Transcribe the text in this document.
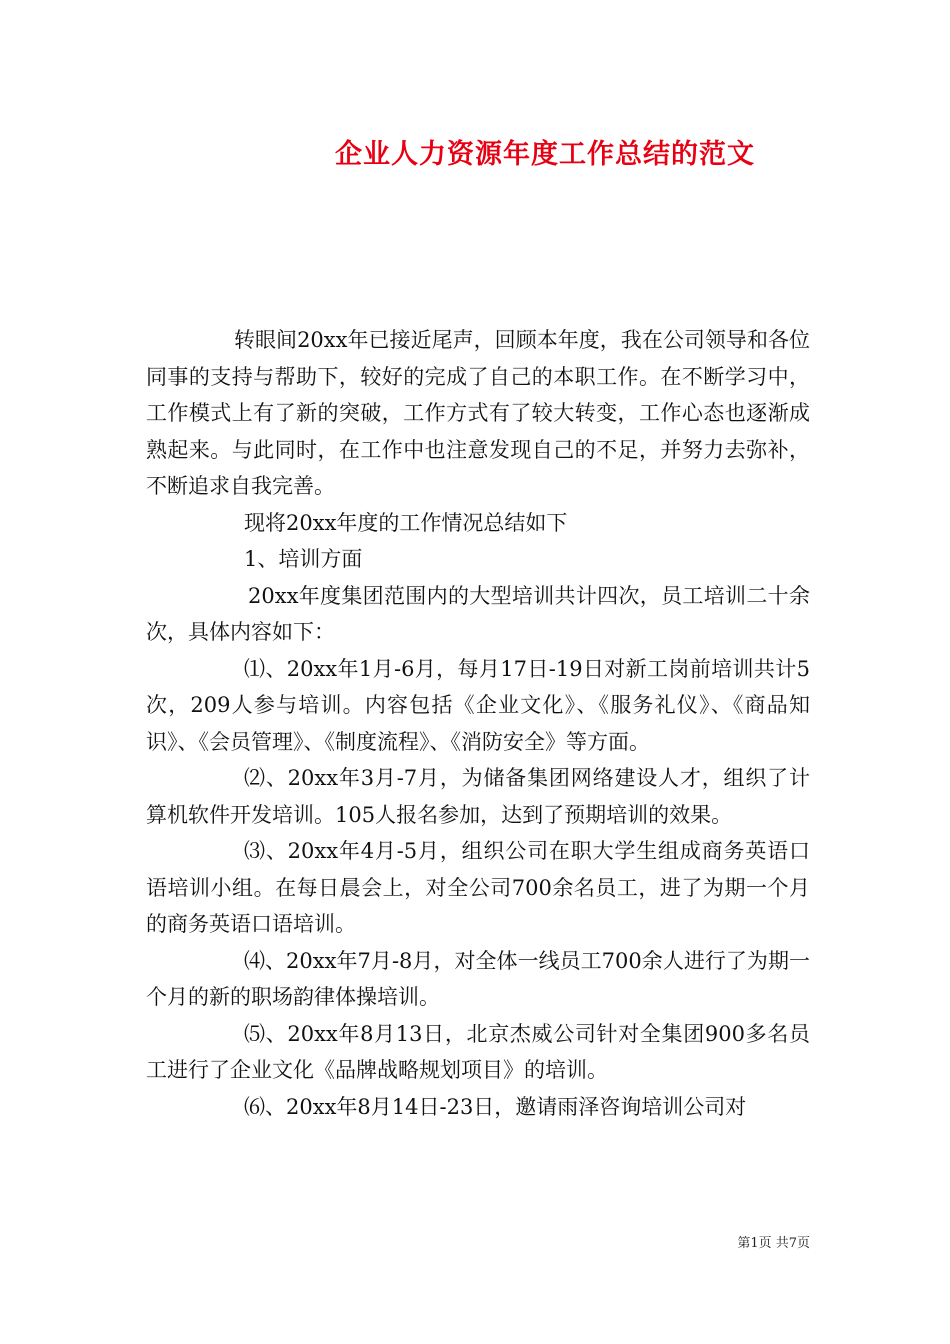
企业人力资源年度工作总结的范文

转眼间20xx年已接近尾声，回顾本年度，我在公司领导和各位同事的支持与帮助下，较好的完成了自己的本职工作。在不断学习中，工作模式上有了新的突破，工作方式有了较大转变，工作心态也逐渐成熟起来。与此同时，在工作中也注意发现自己的不足，并努力去弥补，不断追求自我完善。

现将20xx年度的工作情况总结如下

1、培训方面

20xx年度集团范围内的大型培训共计四次，员工培训二十余次，具体内容如下：

⑴、20xx年1月-6月，每月17日-19日对新工岗前培训共计5次，209人参与培训。内容包括《企业文化》、《服务礼仪》、《商品知识》、《会员管理》、《制度流程》、《消防安全》等方面。

⑵、20xx年3月-7月，为储备集团网络建设人才，组织了计算机软件开发培训。105人报名参加，达到了预期培训的效果。

⑶、20xx年4月-5月，组织公司在职大学生组成商务英语口语培训小组。在每日晨会上，对全公司700余名员工，进了为期一个月的商务英语口语培训。

⑷、20xx年7月-8月，对全体一线员工700余人进行了为期一个月的新的职场韵律体操培训。

⑸、20xx年8月13日，北京杰威公司针对全集团900多名员工进行了企业文化《品牌战略规划项目》的培训。

⑹、20xx年8月14日-23日，邀请雨泽咨询培训公司对

第1页 共7页
